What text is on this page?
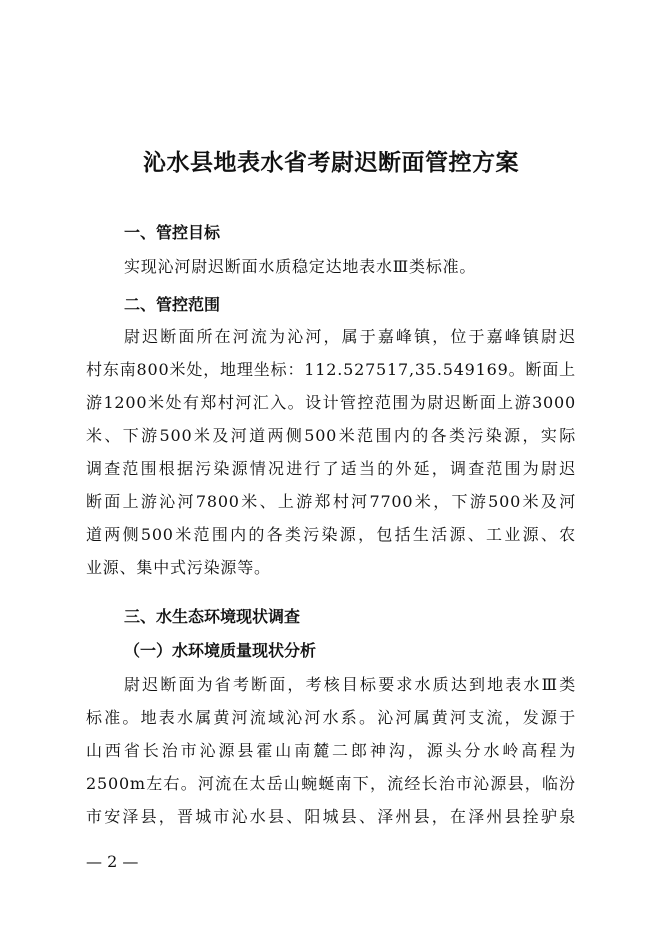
沁水县地表水省考尉迟断面管控方案
一、管控目标
实现沁河尉迟断面水质稳定达地表水Ⅲ类标准。
二、管控范围
尉迟断面所在河流为沁河，属于嘉峰镇，位于嘉峰镇尉迟
村东南800米处，地理坐标：112.527517,35.549169。断面上
游1200米处有郑村河汇入。设计管控范围为尉迟断面上游3000
米、下游500米及河道两侧500米范围内的各类污染源，实际
调查范围根据污染源情况进行了适当的外延，调查范围为尉迟
断面上游沁河7800米、上游郑村河7700米，下游500米及河
道两侧500米范围内的各类污染源，包括生活源、工业源、农
业源、集中式污染源等。
三、水生态环境现状调查
（一）水环境质量现状分析
尉迟断面为省考断面，考核目标要求水质达到地表水Ⅲ类
标准。地表水属黄河流域沁河水系。沁河属黄河支流，发源于
山西省长治市沁源县霍山南麓二郎神沟，源头分水岭高程为
2500m左右。河流在太岳山蜿蜒南下，流经长治市沁源县，临汾
市安泽县，晋城市沁水县、阳城县、泽州县，在泽州县拴驴泉
— 2 —
